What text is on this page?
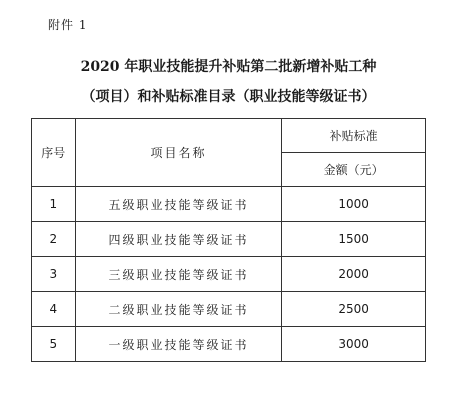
附件 1
2020 年职业技能提升补贴第二批新增补贴工种
（项目）和补贴标准目录（职业技能等级证书）
序号	项目名称	补贴标准
		金额（元）
1	五级职业技能等级证书	1000
2	四级职业技能等级证书	1500
3	三级职业技能等级证书	2000
4	二级职业技能等级证书	2500
5	一级职业技能等级证书	3000
